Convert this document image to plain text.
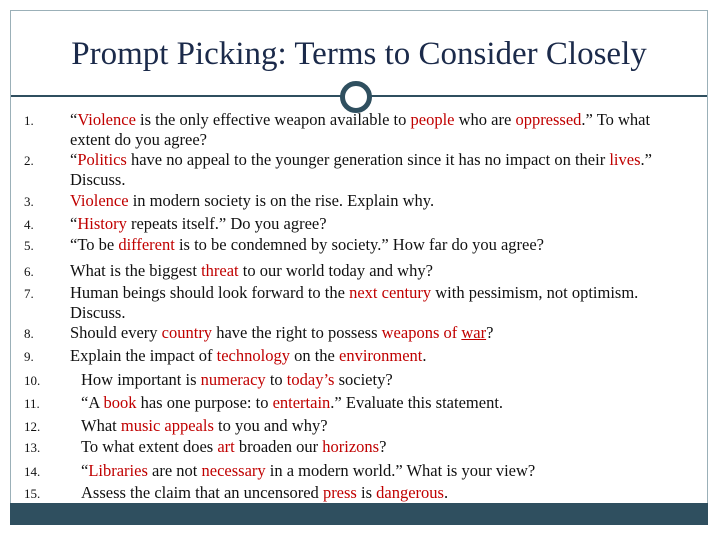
Prompt Picking: Terms to Consider Closely
1.	“Violence is the only effective weapon available to people who are oppressed.” To what extent do you agree?
2.	“Politics have no appeal to the younger generation since it has no impact on their lives.” Discuss.
3.	Violence in modern society is on the rise. Explain why.
4.	“History repeats itself.” Do you agree?
5.	“To be different is to be condemned by society.” How far do you agree?
6.	What is the biggest threat to our world today and why?
7.	Human beings should look forward to the next century with pessimism, not optimism. Discuss.
8.	Should every country have the right to possess weapons of war?
9.	Explain the impact of technology on the environment.
10.	How important is numeracy to today’s society?
11.	“A book has one purpose: to entertain.” Evaluate this statement.
12.	What music appeals to you and why?
13.	To what extent does art broaden our horizons?
14.	“Libraries are not necessary in a modern world.” What is your view?
15.	Assess the claim that an uncensored press is dangerous.
